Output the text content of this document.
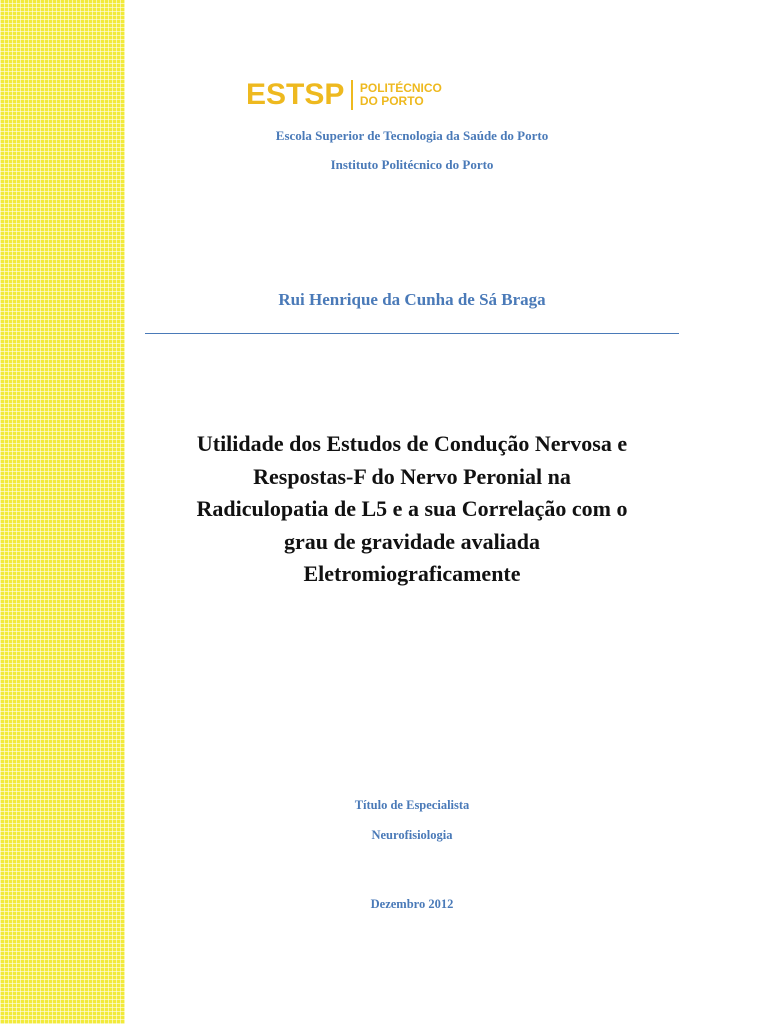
ESTSP POLITÉCNICO
DO PORTO
Escola Superior de Tecnologia da Saúde do Porto
Instituto Politécnico do Porto
Rui Henrique da Cunha de Sá Braga
Utilidade dos Estudos de Condução Nervosa e
Respostas-F do Nervo Peronial na
Radiculopatia de L5 e a sua Correlação com o
grau de gravidade avaliada
Eletromiograficamente
Título de Especialista
Neurofisiologia
Dezembro 2012
